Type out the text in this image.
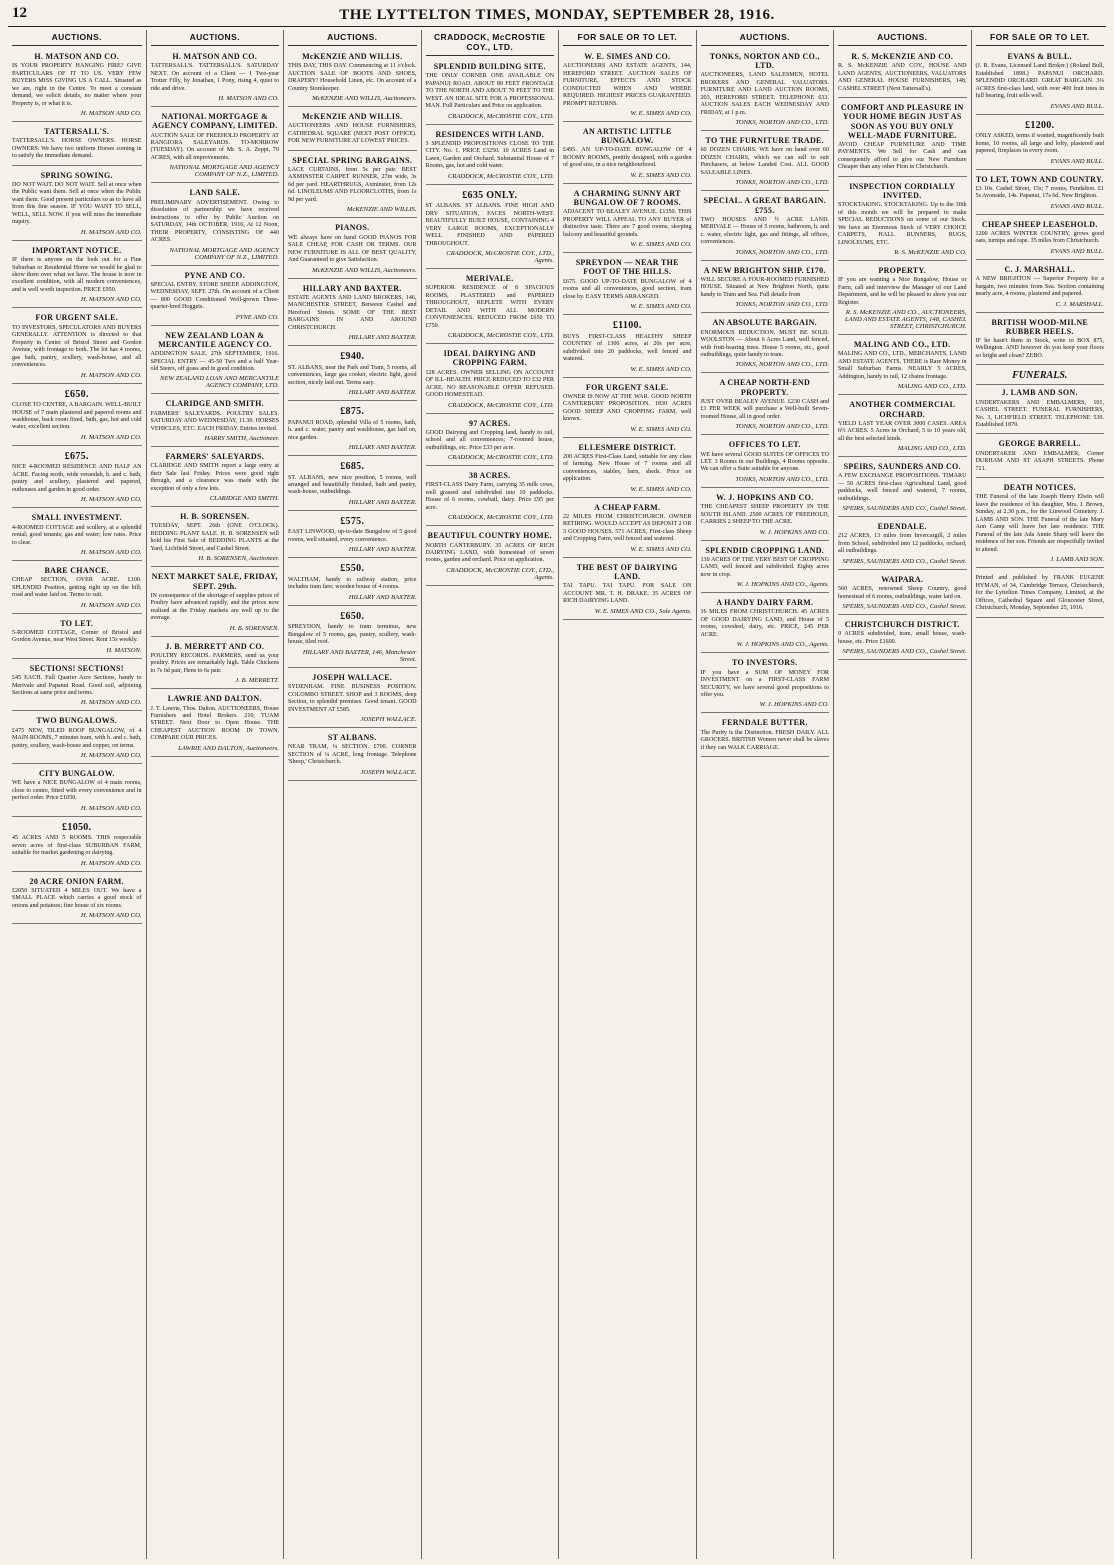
12	THE LYTTELTON TIMES, MONDAY, SEPTEMBER 28, 1916.
AUCTIONS.
H. MATSON AND CO.
IS YOUR PROPERTY HANGING FIRE? GIVE PARTICULARS OF IT TO US. VERY FEW BUYERS MISS GIVING US A CALL. Situated as we are, right in the Centre. To meet a constant demand, we solicit details, no matter where your Property is, or what it is.
H. MATSON AND CO.
TATTERSALL'S.
TATTERSALL'S. HORSE OWNERS. HORSE OWNERS. We have two uniform Horses coming in to satisfy the immediate demand.
SPRING SOWING.
DO NOT WAIT. DO NOT WAIT. Sell at once when the Public want them. Sell at once when the Public want them. Good present particulars so as to have all from this fine season. IF YOU WANT TO SELL, WELL, SELL NOW. If you will miss the immediate inquiry.
H. MATSON AND CO.
IMPORTANT NOTICE.
IF there is anyone on the look out for a Fine Suburban or Residential Home we would be glad to show them over what we have. The house is now in excellent condition, with all modern conveniences, and is well worth inspection. PRICE £950.
H. MATSON AND CO.
FOR URGENT SALE.
TO INVESTORS, SPECULATORS AND BUYERS GENERALLY. ATTENTION is directed to that Property in Centre of Bristol Street and Gordon Avenue, with frontage to both. The lot has 4 rooms, gas bath, pantry, scullery, wash-house, and all conveniences.
H. MATSON AND CO.
£650.
CLOSE TO CENTRE, A BARGAIN. WELL-BUILT HOUSE of 7 main plastered and papered rooms and washhouse, back room fixed, bath, gas, hot and cold water, excellent section.
H. MATSON AND CO.
£675.
NICE 4-ROOMED RESIDENCE AND HALF AN ACRE. Facing north, wide verandah, h. and c. bath, pantry and scullery, plastered and papered, outhouses and garden in good order.
H. MATSON AND CO.
SMALL INVESTMENT.
4-ROOMED COTTAGE and scullery, at a splendid rental; good tenants; gas and water; low rates. Price to clear.
H. MATSON AND CO.
BARE CHANCE.
CHEAP SECTION, OVER ACRE. £100. SPLENDID Position, getting right up on the hill; road and water laid on. Terms to suit.
H. MATSON AND CO.
TO LET.
5-ROOMED COTTAGE, Corner of Bristol and Gordon Avenue, near West Street. Rent 15s weekly.
H. MATSON.
SECTIONS! SECTIONS!
£45 EACH. Full Quarter Acre Sections, handy to Merivale and Papanui Road. Good soil, adjoining Sections at same price and terms.
H. MATSON AND CO.
TWO BUNGALOWS.
£475 NEW, TILED ROOF BUNGALOW, of 4 MAIN ROOMS, 7 minutes tram, with h. and c. bath, pantry, scullery, wash-house and copper, on terms.
H. MATSON AND CO.
CITY BUNGALOW.
WE have a NICE BUNGALOW of 4 main rooms, close to centre, fitted with every convenience and in perfect order. Price £1050.
H. MATSON AND CO.
£1050.
45 ACRES AND 5 ROOMS. THIS respectable seven acres of first-class SUBURBAN FARM, suitable for market gardening or dairying.
H. MATSON AND CO.
20 ACRE ONION FARM.
£2050 SITUATED 4 MILES OUT. We have a SMALL PLACE which carries a good stock of onions and potatoes; fine house of six rooms.
H. MATSON AND CO.
AUCTIONS.
H. MATSON AND CO.
TATTERSALL'S. TATTERSALL'S. SATURDAY NEXT. On account of a Client — 1 Two-year Trotter Filly, by Jonathan, 1 Pony, rising 4, quiet to ride and drive.
H. MATSON AND CO.
NATIONAL MORTGAGE & AGENCY COMPANY, LIMITED.
AUCTION SALE OF FREEHOLD PROPERTY AT RANGIORA SALEYARDS. TO-MORROW (TUESDAY). On account of Mr. S. A. Zeppi, 70 ACRES, with all improvements.
NATIONAL MORTGAGE AND AGENCY COMPANY OF N.Z., LIMITED.
LAND SALE.
PRELIMINARY ADVERTISEMENT. Owing to dissolution of partnership we have received instructions to offer by Public Auction on SATURDAY, 14th OCTOBER, 1916, At 12 Noon, THEIR PROPERTY, CONSISTING OF 440 ACRES.
NATIONAL MORTGAGE AND AGENCY COMPANY OF N.Z., LIMITED.
PYNE AND CO.
SPECIAL ENTRY. STORE SHEEP. ADDINGTON, WEDNESDAY, SEPT. 27th. On account of a Client — 800 GOOD Conditioned Well-grown Three-quarter-bred Hoggets.
PYNE AND CO.
NEW ZEALAND LOAN & MERCANTILE AGENCY CO.
ADDINGTON SALE. 27th SEPTEMBER, 1916. SPECIAL ENTRY — 45-50 Two and a half Year-old Steers, off grass and in good condition.
NEW ZEALAND LOAN AND MERCANTILE AGENCY COMPANY, LTD.
CLARIDGE AND SMITH.
FARMERS' SALEYARDS. POULTRY SALES. SATURDAY AND WEDNESDAY, 11.30. HORSES VEHICLES, ETC. EACH FRIDAY. Entries invited.
HARRY SMITH, Auctioneer.
FARMERS' SALEYARDS.
CLARIDGE AND SMITH report a large entry at their Sale last Friday. Prices were good right through, and a clearance was made with the exception of only a few lots.
CLARIDGE AND SMITH.
H. B. SORENSEN.
TUESDAY, SEPT. 26th (ONE O'CLOCK). BEDDING PLANT SALE. H. B. SORENSEN will hold his First Sale of BEDDING PLANTS at the Yard, Lichfield Street, and Cashel Street.
H. B. SORENSEN, Auctioneer.
NEXT MARKET SALE, FRIDAY, SEPT. 29th.
IN consequence of the shortage of supplies prices of Poultry have advanced rapidly, and the prices now realised at the Friday markets are well up to the average.
H. B. SORENSEN.
J. B. MERRETT AND CO.
POULTRY RECORDS. FARMERS, send us your poultry. Prices are remarkably high. Table Chickens to 7s 6d pair, Hens to 6s pair.
J. B. MERRETT.
LAWRIE AND DALTON.
J. T. Lawrie, Thos. Dalton. AUCTIONEERS, House Furnishers and Hotel Brokers. 210, TUAM STREET. Next Door to Open House. THE CHEAPEST AUCTION ROOM IN TOWN. COMPARE OUR PRICES.
LAWRIE AND DALTON, Auctioneers.
AUCTIONS.
McKENZIE AND WILLIS.
THIS DAY, THIS DAY. Commencing at 11 o'clock. AUCTION SALE OF BOOTS AND SHOES, DRAPERY! Household Linen, etc. On account of a Country Storekeeper.
McKENZIE AND WILLIS, Auctioneers.
McKENZIE AND WILLIS.
AUCTIONEERS AND HOUSE FURNISHERS, CATHEDRAL SQUARE (NEXT POST OFFICE). FOR NEW FURNITURE AT LOWEST PRICES.
SPECIAL SPRING BARGAINS.
LACE CURTAINS, from 5s per pair. BEST AXMINSTER CARPET RUNNER, 27in wide, 3s 6d per yard. HEARTHRUGS, Axminster, from 12s 6d. LINOLEUMS AND FLOORCLOTHS, from 1s 9d per yard.
McKENZIE AND WILLIS.
PIANOS.
WE always have on hand GOOD PIANOS FOR SALE CHEAP, FOR CASH OR TERMS. OUR NEW FURNITURE IS ALL OF BEST QUALITY, And Guaranteed to give Satisfaction.
McKENZIE AND WILLIS, Auctioneers.
HILLARY AND BAXTER.
ESTATE AGENTS AND LAND BROKERS, 146, MANCHESTER STREET, Between Cashel and Hereford Streets. SOME OF THE BEST BARGAINS IN AND AROUND CHRISTCHURCH.
HILLARY AND BAXTER.
£940.
ST. ALBANS, near the Park and Tram, 5 rooms, all conveniences, large gas cooker, electric light, good section, nicely laid out. Terms easy.
HILLARY AND BAXTER.
£875.
PAPANUI ROAD, splendid Villa of 5 rooms, bath, h. and c. water, pantry and washhouse, gas laid on, nice garden.
HILLARY AND BAXTER.
£685.
ST. ALBANS, new nice position, 5 rooms, well arranged and beautifully finished, bath and pantry, wash-house, outbuildings.
HILLARY AND BAXTER.
£575.
EAST LINWOOD, up-to-date Bungalow of 5 good rooms, well situated, every convenience.
HILLARY AND BAXTER.
£550.
WALTHAM, handy to railway station, price includes tram fare; wooden house of 4 rooms.
HILLARY AND BAXTER.
£650.
SPREYDON, handy to tram terminus, new Bungalow of 5 rooms, gas, pantry, scullery, wash-house, tiled roof.
HILLARY AND BAXTER, 146, Manchester Street.
JOSEPH WALLACE.
SYDENHAM. FINE BUSINESS POSITION. COLOMBO STREET. SHOP and 3 ROOMS, deep Section, to splendid premises. Good tenant. GOOD INVESTMENT AT £585.
JOSEPH WALLACE.
ST ALBANS.
NEAR TRAM, ¼ SECTION. £700. CORNER SECTION of ¼ ACRE, long frontage. Telephone 'Sheep,' Christchurch.
JOSEPH WALLACE.
CRADDOCK, McCROSTIE COY., LTD.
SPLENDID BUILDING SITE.
THE ONLY CORNER ONE AVAILABLE ON PAPANUI ROAD. ABOUT 80 FEET FRONTAGE TO THE NORTH AND ABOUT 70 FEET TO THE WEST. AN IDEAL SITE FOR A PROFESSIONAL MAN. Full Particulars and Price on application.
CRADDOCK, McCROSTIE COY., LTD.
RESIDENCES WITH LAND.
3 SPLENDID PROPOSITIONS CLOSE TO THE CITY. No. 1. PRICE £3250. 10 ACRES Land in Lawn, Garden and Orchard. Substantial House of 7 Rooms, gas, hot and cold water.
CRADDOCK, McCROSTIE COY., LTD.
£635 ONLY.
ST ALBANS. ST ALBANS. FINE HIGH AND DRY SITUATION, FACES NORTH-WEST. BEAUTIFULLY BUILT HOUSE, CONTAINING 4 VERY LARGE ROOMS, EXCEPTIONALLY WELL FINISHED AND PAPERED THROUGHOUT.
CRADDOCK, McCROSTIE COY., LTD., Agents.
MERIVALE.
SUPERIOR RESIDENCE of 8 SPACIOUS ROOMS, PLASTERED and PAPERED THROUGHOUT, REPLETE WITH EVERY DETAIL AND WITH ALL MODERN CONVENIENCES. REDUCED FROM £650 TO £750.
CRADDOCK, McCROSTIE COY., LTD.
IDEAL DAIRYING AND CROPPING FARM.
128 ACRES. OWNER SELLING ON ACCOUNT OF ILL-HEALTH. PRICE REDUCED TO £32 PER ACRE. NO REASONABLE OFFER REFUSED. GOOD HOMESTEAD.
CRADDOCK, McCROSTIE COY., LTD.
97 ACRES.
GOOD Dairying and Cropping land, handy to rail, school and all conveniences; 7-roomed house, outbuildings, etc. Price £33 per acre.
CRADDOCK, McCROSTIE COY., LTD.
38 ACRES.
FIRST-CLASS Dairy Farm, carrying 35 milk cows, well grassed and subdivided into 10 paddocks. House of 6 rooms, cowbail, dairy. Price £95 per acre.
CRADDOCK, McCROSTIE COY., LTD.
BEAUTIFUL COUNTRY HOME.
NORTH CANTERBURY. 35 ACRES OF RICH DAIRYING LAND, with homestead of seven rooms, garden and orchard. Price on application.
CRADDOCK, McCROSTIE COY., LTD., Agents.
FOR SALE OR TO LET.
W. E. SIMES AND CO.
AUCTIONEERS AND ESTATE AGENTS, 144, HEREFORD STREET. AUCTION SALES OF FURNITURE, EFFECTS AND STOCK CONDUCTED WHEN AND WHERE REQUIRED. HIGHEST PRICES GUARANTEED. PROMPT RETURNS.
W. E. SIMES AND CO.
AN ARTISTIC LITTLE BUNGALOW.
£495. AN UP-TO-DATE BUNGALOW OF 4 ROOMY ROOMS, prettily designed, with a garden of good size, in a nice neighbourhood.
W. E. SIMES AND CO.
A CHARMING SUNNY ART BUNGALOW OF 7 ROOMS.
ADJACENT TO BEALEY AVENUE. £1350. THIS PROPERTY WILL APPEAL TO ANY BUYER of distinctive taste. There are 7 good rooms, sleeping balcony and beautiful grounds.
W. E. SIMES AND CO.
SPREYDON — NEAR THE FOOT OF THE HILLS.
£675. GOOD UP-TO-DATE BUNGALOW of 4 rooms and all conveniences, good section, tram close by. EASY TERMS ARRANGED.
W. E. SIMES AND CO.
£1100.
BUYS FIRST-CLASS HEALTHY SHEEP COUNTRY of 1300 acres, at 20s per acre, subdivided into 20 paddocks, well fenced and watered.
W. E. SIMES AND CO.
FOR URGENT SALE.
OWNER IS NOW AT THE WAR. GOOD NORTH CANTERBURY PROPOSITION. 1830 ACRES GOOD SHEEP AND CROPPING FARM, well known.
W. E. SIMES AND CO.
ELLESMERE DISTRICT.
200 ACRES First-Class Land, suitable for any class of farming. New House of 7 rooms and all conveniences, stables, barn, sheds. Price on application.
W. E. SIMES AND CO.
A CHEAP FARM.
22 MILES FROM CHRISTCHURCH. OWNER RETIRING. WOULD ACCEPT AS DEPOSIT 2 OR 3 GOOD HOUSES. 571 ACRES, First-class Sheep and Cropping Farm, well fenced and watered.
W. E. SIMES AND CO.
THE BEST OF DAIRYING LAND.
TAI TAPU. TAI TAPU. FOR SALE ON ACCOUNT MR. T. H. DRAKE. 35 ACRES OF RICH DAIRYING LAND.
W. E. SIMES AND CO., Sole Agents.
AUCTIONS.
TONKS, NORTON AND CO., LTD.
AUCTIONEERS, LAND SALESMEN, HOTEL BROKERS AND GENERAL VALUATORS. FURNITURE AND LAND AUCTION ROOMS, 203, HEREFORD STREET. TELEPHONE 633. AUCTION SALES EACH WEDNESDAY AND FRIDAY, at 1 p.m.
TONKS, NORTON AND CO., LTD.
TO THE FURNITURE TRADE.
60 DOZEN CHAIRS. WE have on hand over 60 DOZEN CHAIRS, which we can sell to suit Purchasers, at below Landed Cost. ALL GOOD SALEABLE LINES.
TONKS, NORTON AND CO., LTD.
SPECIAL. A GREAT BARGAIN. £755.
TWO HOUSES AND ½ ACRE LAND. MERIVALE — House of 5 rooms, bathroom, h. and c. water, electric light, gas and fittings, all offices, conveniences.
TONKS, NORTON AND CO., LTD.
A NEW BRIGHTON SHIP. £170.
WILL SECURE A FOUR-ROOMED FURNISHED HOUSE. Situated at New Brighton North, quite handy to Tram and Sea. Full details from
TONKS, NORTON AND CO., LTD.
AN ABSOLUTE BARGAIN.
ENORMOUS REDUCTION. MUST BE SOLD. WOOLSTON — About 6 Acres Land, well fenced, with fruit-bearing trees. House 5 rooms, etc., good outbuildings, quite handy to tram.
TONKS, NORTON AND CO., LTD.
A CHEAP NORTH-END PROPERTY.
JUST OVER BEALEY AVENUE. £230 CASH and £1 PER WEEK will purchase a Well-built Seven-roomed House, all in good order.
TONKS, NORTON AND CO., LTD.
OFFICES TO LET.
WE have several GOOD SUITES OF OFFICES TO LET. 3 Rooms in our Buildings, 4 Rooms opposite. We can offer a Suite suitable for anyone.
TONKS, NORTON AND CO., LTD.
W. J. HOPKINS AND CO.
THE CHEAPEST SHEEP PROPERTY IN THE SOUTH ISLAND. 2500 ACRES OF FREEHOLD, CARRIES 2 SHEEP TO THE ACRE.
W. J. HOPKINS AND CO.
SPLENDID CROPPING LAND.
130 ACRES OF THE VERY BEST OF CROPPING LAND, well fenced and subdivided. Eighty acres now in crop.
W. J. HOPKINS AND CO., Agents.
A HANDY DAIRY FARM.
16 MILES FROM CHRISTCHURCH. 45 ACRES OF GOOD DAIRYING LAND, and House of 5 rooms, cowshed, dairy, etc. PRICE, £45 PER ACRE.
W. J. HOPKINS AND CO., Agents.
TO INVESTORS.
IF you have a SUM OF MONEY FOR INVESTMENT on a FIRST-CLASS FARM SECURITY, we have several good propositions to offer you.
W. J. HOPKINS AND CO.
FERNDALE BUTTER.
The Purity is the Distinction. FRESH DAILY. ALL GROCERS. BRITISH Women never shall be slaves if they can WALK CARRIAGE.
AUCTIONS.
R. S. McKENZIE AND CO.
R. S. McKENZIE AND COY., HOUSE AND LAND AGENTS, AUCTIONEERS, VALUATORS AND GENERAL HOUSE FURNISHERS, 148, CASHEL STREET (Next Tattersall's).
COMFORT AND PLEASURE IN YOUR HOME BEGIN JUST AS SOON AS YOU BUY ONLY WELL-MADE FURNITURE.
AVOID CHEAP FURNITURE AND TIME PAYMENTS. We Sell for Cash and can consequently afford to give our New Furniture Cheaper than any other Firm in Christchurch.
INSPECTION CORDIALLY INVITED.
STOCKTAKING. STOCKTAKING. Up to the 30th of this month we will be prepared to make SPECIAL REDUCTIONS on some of our Stock. We have an Enormous Stock of VERY CHOICE CARPETS, HALL RUNNERS, RUGS, LINOLEUMS, ETC.
R. S. McKENZIE AND CO.
PROPERTY.
IF you are wanting a Nice Bungalow, House or Farm, call and interview the Manager of our Land Department, and he will be pleased to show you our Register.
R. S. McKENZIE AND CO., AUCTIONEERS, LAND AND ESTATE AGENTS, 148, CASHEL STREET, CHRISTCHURCH.
MALING AND CO., LTD.
MALING AND CO., LTD., MERCHANTS, LAND AND ESTATE AGENTS. THERE is Rare Money in Small Suburban Farms. NEARLY 5 ACRES, Addington, handy to rail, 12 chains frontage.
MALING AND CO., LTD.
ANOTHER COMMERCIAL ORCHARD.
YIELD LAST YEAR OVER 3000 CASES. AREA 6½ ACRES. 5 Acres in Orchard, 5 to 10 years old, all the best selected kinds.
MALING AND CO., LTD.
SPEIRS, SAUNDERS AND CO.
A FEW EXCHANGE PROPOSITIONS. TIMARU — 50 ACRES first-class Agricultural Land, good paddocks, well fenced and watered, 7 rooms, outbuildings.
SPEIRS, SAUNDERS AND CO., Cashel Street.
EDENDALE.
212 ACRES, 13 miles from Invercargill, 2 miles from School, subdivided into 12 paddocks, orchard, all outbuildings.
SPEIRS, SAUNDERS AND CO., Cashel Street.
WAIPARA.
560 ACRES, renowned Sheep Country, good homestead of 6 rooms, outbuildings, water laid on.
SPEIRS, SAUNDERS AND CO., Cashel Street.
CHRISTCHURCH DISTRICT.
9 ACRES subdivided, tram, small house, wash-house, etc. Price £1600.
SPEIRS, SAUNDERS AND CO., Cashel Street.
FOR SALE OR TO LET.
EVANS & BULL.
(J. R. Evans, Licensed Land Broker.) (Roland Bull, Established 1898.) PAPANUI ORCHARD. SPLENDID ORCHARD. GREAT BARGAIN. 3¼ ACRES first-class land, with over 400 fruit trees in full bearing, fruit sells well.
EVANS AND BULL.
£1200.
ONLY ASKED, terms if wanted, magnificently built home, 10 rooms, all large and lofty, plastered and papered, fireplaces in every room.
EVANS AND BULL.
TO LET, TOWN AND COUNTRY.
£3 10s. Cashel Street, 15s; 7 rooms, Fendalton. £1 5s Avonside, 14s. Papanui, 17s 6d. New Brighton.
EVANS AND BULL.
CHEAP SHEEP LEASEHOLD.
1200 ACRES WINTER COUNTRY, grows good oats, turnips and rape. 35 miles from Christchurch.
EVANS AND BULL.
C. J. MARSHALL.
A NEW BRIGHTON — Superior Property for a bargain, two minutes from Sea. Section containing nearly acre, 4 rooms, plastered and papered.
C. J. MARSHALL.
BRITISH WOOD-MILNE RUBBER HEELS.
IF he hasn't them in Stock, write to BOX 875, Wellington. AND however do you keep your floors so bright and clean? ZEBO.
FUNERALS.
J. LAMB AND SON.
UNDERTAKERS AND EMBALMERS, 101, CASHEL STREET. FUNERAL FURNISHERS, No. 3, LICHFIELD STREET. TELEPHONE 539. Established 1870.
GEORGE BARRELL.
UNDERTAKER AND EMBALMER, Corner DURHAM AND ST ASAPH STREETS. Phone 721.
DEATH NOTICES.
THE Funeral of the late Joseph Henry Elwin will leave the residence of his daughter, Mrs. J. Brown, Sunday, at 2.30 p.m., for the Linwood Cemetery. J. LAMB AND SON. THE Funeral of the late Mary Ann Camp will leave her late residence. THE Funeral of the late Ada Annie Sharp will leave the residence of her son. Friends are respectfully invited to attend.
J. LAMB AND SON.
Printed and published by FRANK EUGENE HYMAN, of 34, Cambridge Terrace, Christchurch, for the Lyttelton Times Company, Limited, at the Offices, Cathedral Square and Gloucester Street, Christchurch, Monday, September 25, 1916.
